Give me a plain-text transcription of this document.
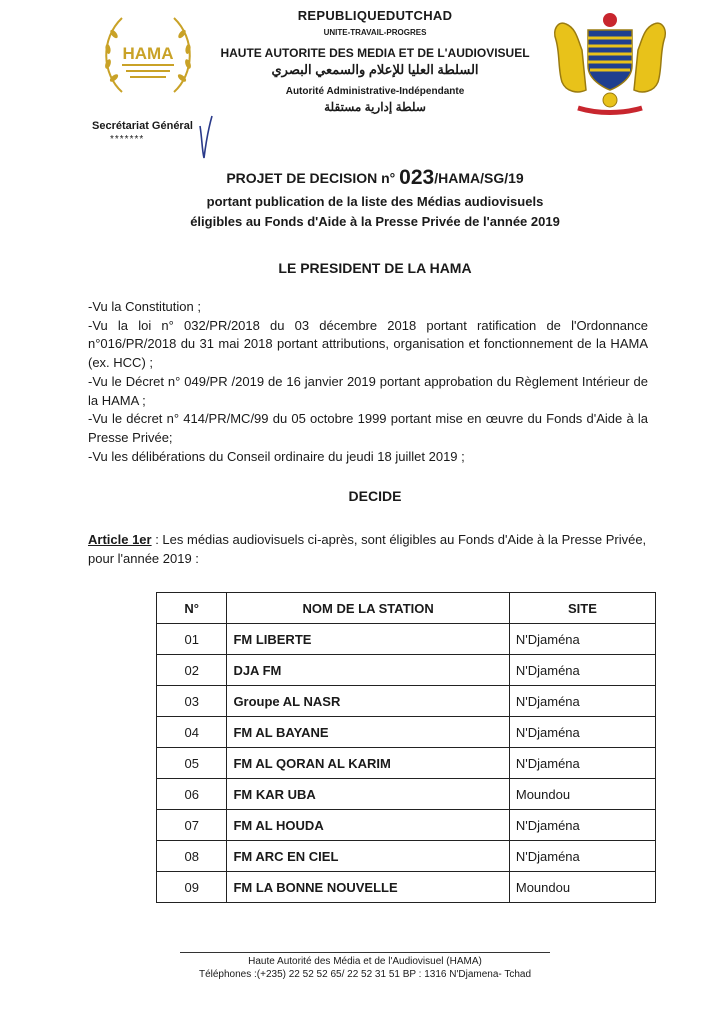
HAMA
REPUBLIQUEDUTCHAD
UNITE-TRAVAIL-PROGRES
HAUTE AUTORITE DES MEDIA ET DE L'AUDIOVISUEL
السلطة العليا للإعلام والسمعي البصري
Autorité Administrative-Indépendante
سلطة إدارية مستقلة
Secrétariat Général
*******
PROJET DE DECISION n° 023/HAMA/SG/19
portant publication de la liste des Médias audiovisuels
éligibles au Fonds d'Aide à la Presse Privée de l'année 2019
LE PRESIDENT DE LA HAMA

-Vu la Constitution ;

-Vu la loi n° 032/PR/2018 du 03 décembre 2018 portant ratification de l'Ordonnance n°016/PR/2018 du 31 mai 2018 portant attributions, organisation et fonctionnement de la HAMA (ex. HCC) ;

-Vu le Décret n° 049/PR /2019 de 16 janvier 2019 portant approbation du Règlement Intérieur de la HAMA ;

-Vu le décret n° 414/PR/MC/99 du 05 octobre 1999 portant mise en œuvre du Fonds d'Aide à la Presse Privée;

-Vu les délibérations du Conseil ordinaire du jeudi 18 juillet 2019 ;

DECIDE
Article 1er : Les médias audiovisuels ci-après, sont éligibles au Fonds d'Aide à la Presse Privée, pour l'année 2019 :
N°	NOM DE LA STATION	SITE
01	FM LIBERTE	N'Djaména
02	DJA FM	N'Djaména
03	Groupe AL NASR	N'Djaména
04	FM AL BAYANE	N'Djaména
05	FM AL QORAN AL KARIM	N'Djaména
06	FM KAR UBA	Moundou
07	FM AL HOUDA	N'Djaména
08	FM ARC EN CIEL	N'Djaména
09	FM LA BONNE NOUVELLE	Moundou
Haute Autorité des Média et de l'Audiovisuel (HAMA)
Téléphones :(+235) 22 52 52 65/ 22 52 31 51 BP : 1316 N'Djamena- Tchad
